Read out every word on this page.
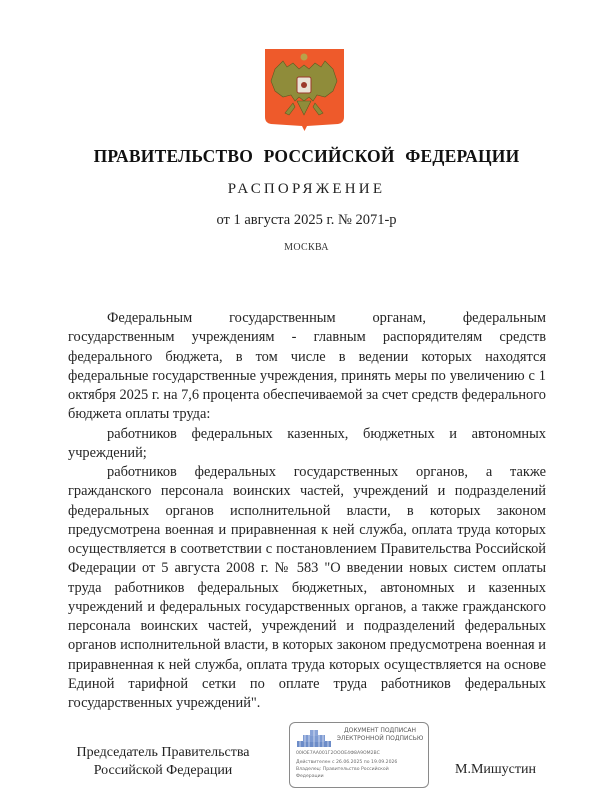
ПРАВИТЕЛЬСТВО РОССИЙСКОЙ ФЕДЕРАЦИИ
РАСПОРЯЖЕНИЕ
от 1 августа 2025 г. № 2071-р
МОСКВА

Федеральным государственным органам, федеральным государственным учреждениям - главным распорядителям средств федерального бюджета, в том числе в ведении которых находятся федеральные государственные учреждения, принять меры по увеличению с 1 октября 2025 г. на 7,6 процента обеспечиваемой за счет средств федерального бюджета оплаты труда:

работников федеральных казенных, бюджетных и автономных учреждений;

работников федеральных государственных органов, а также гражданского персонала воинских частей, учреждений и подразделений федеральных органов исполнительной власти, в которых законом предусмотрена военная и приравненная к ней служба, оплата труда которых осуществляется в соответствии с постановлением Правительства Российской Федерации от 5 августа 2008 г. № 583 "О введении новых систем оплаты труда работников федеральных бюджетных, автономных и казенных учреждений и федеральных государственных органов, а также гражданского персонала воинских частей, учреждений и подразделений федеральных органов исполнительной власти, в которых законом предусмотрена военная и приравненная к ней служба, оплата труда которых осуществляется на основе Единой тарифной сетки по оплате труда работников федеральных государственных учреждений".

Председатель Правительства
Российской Федерации
ДОКУМЕНТ ПОДПИСАН
ЭЛЕКТРОННОЙ ПОДПИСЬЮ
00ЮЕ7АА001Г2ОООЕ4Ф8А9ОМ2ВС
Действителен с 26.06.2025 по 19.09.2026
Владелец: Правительство Российской
Федерации	М.Мишустин
